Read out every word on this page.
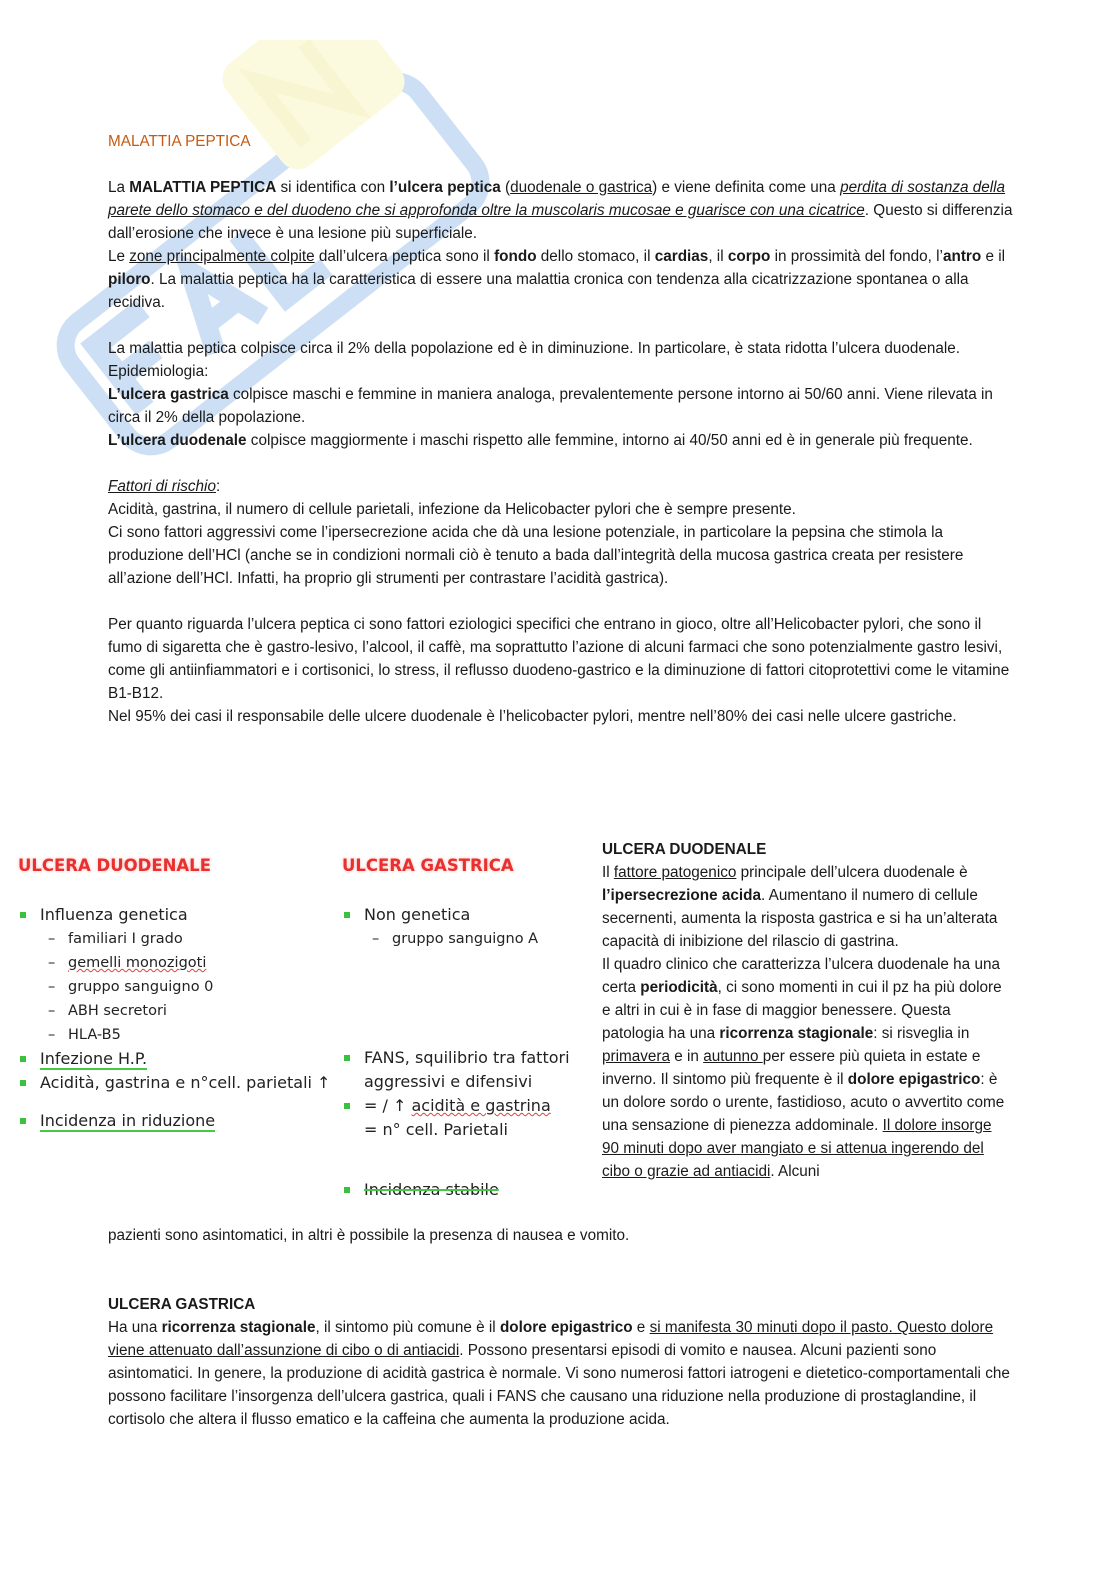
MALATTIA PEPTICA

La MALATTIA PEPTICA si identifica con l’ulcera peptica (duodenale o gastrica) e viene definita come una perdita di sostanza della parete dello stomaco e del duodeno che si approfonda oltre la muscolaris mucosae e guarisce con una cicatrice. Questo si differenzia dall’erosione che invece è una lesione più superficiale.

Le zone principalmente colpite dall’ulcera peptica sono il fondo dello stomaco, il cardias, il corpo in prossimità del fondo, l’antro e il piloro. La malattia peptica ha la caratteristica di essere una malattia cronica con tendenza alla cicatrizzazione spontanea o alla recidiva.

La malattia peptica colpisce circa il 2% della popolazione ed è in diminuzione. In particolare, è stata ridotta l’ulcera duodenale.

Epidemiologia:

L’ulcera gastrica colpisce maschi e femmine in maniera analoga, prevalentemente persone intorno ai 50/60 anni. Viene rilevata in circa il 2% della popolazione.

L’ulcera duodenale colpisce maggiormente i maschi rispetto alle femmine, intorno ai 40/50 anni ed è in generale più frequente.

Fattori di rischio:

Acidità, gastrina, il numero di cellule parietali, infezione da Helicobacter pylori che è sempre presente.

Ci sono fattori aggressivi come l’ipersecrezione acida che dà una lesione potenziale, in particolare la pepsina che stimola la produzione dell’HCl (anche se in condizioni normali ciò è tenuto a bada dall’integrità della mucosa gastrica creata per resistere all’azione dell’HCl. Infatti, ha proprio gli strumenti per contrastare l’acidità gastrica).

Per quanto riguarda l’ulcera peptica ci sono fattori eziologici specifici che entrano in gioco, oltre all’Helicobacter pylori, che sono il fumo di sigaretta che è gastro-lesivo, l’alcool, il caffè, ma soprattutto l’azione di alcuni farmaci che sono potenzialmente gastro lesivi, come gli antiinfiammatori e i cortisonici, lo stress, il reflusso duodeno-gastrico e la diminuzione di fattori citoprotettivi come le vitamine B1-B12.

Nel 95% dei casi il responsabile delle ulcere duodenale è l’helicobacter pylori, mentre nell’80% dei casi nelle ulcere gastriche.

ULCERA DUODENALE
Influenza genetica
– familiari I grado
– gemelli monozigoti
– gruppo sanguigno 0
– ABH secretori
– HLA-B5
Infezione H.P.
Acidità, gastrina e n°cell. parietali ↑
Incidenza in riduzione
ULCERA GASTRICA
Non genetica
– gruppo sanguigno A
FANS, squilibrio tra fattori aggressivi e difensivi
= / ↑ acidità e gastrina
= n° cell. Parietali
Incidenza stabile

ULCERA DUODENALE

Il fattore patogenico principale dell’ulcera duodenale è l’ipersecrezione acida. Aumentano il numero di cellule secernenti, aumenta la risposta gastrica e si ha un’alterata capacità di inibizione del rilascio di gastrina.

Il quadro clinico che caratterizza l’ulcera duodenale ha una certa periodicità, ci sono momenti in cui il pz ha più dolore e altri in cui è in fase di maggior benessere. Questa patologia ha una ricorrenza stagionale: si risveglia in primavera e in autunno per essere più quieta in estate e inverno. Il sintomo più frequente è il dolore epigastrico: è un dolore sordo o urente, fastidioso, acuto o avvertito come una sensazione di pienezza addominale. Il dolore insorge 90 minuti dopo aver mangiato e si attenua ingerendo del cibo o grazie ad antiacidi. Alcuni

pazienti sono asintomatici, in altri è possibile la presenza di nausea e vomito.

ULCERA GASTRICA

Ha una ricorrenza stagionale, il sintomo più comune è il dolore epigastrico e si manifesta 30 minuti dopo il pasto. Questo dolore viene attenuato dall’assunzione di cibo o di antiacidi. Possono presentarsi episodi di vomito e nausea. Alcuni pazienti sono asintomatici. In genere, la produzione di acidità gastrica è normale. Vi sono numerosi fattori iatrogeni e dietetico-comportamentali che possono facilitare l’insorgenza dell’ulcera gastrica, quali i FANS che causano una riduzione nella produzione di prostaglandine, il cortisolo che altera il flusso ematico e la caffeina che aumenta la produzione acida.
